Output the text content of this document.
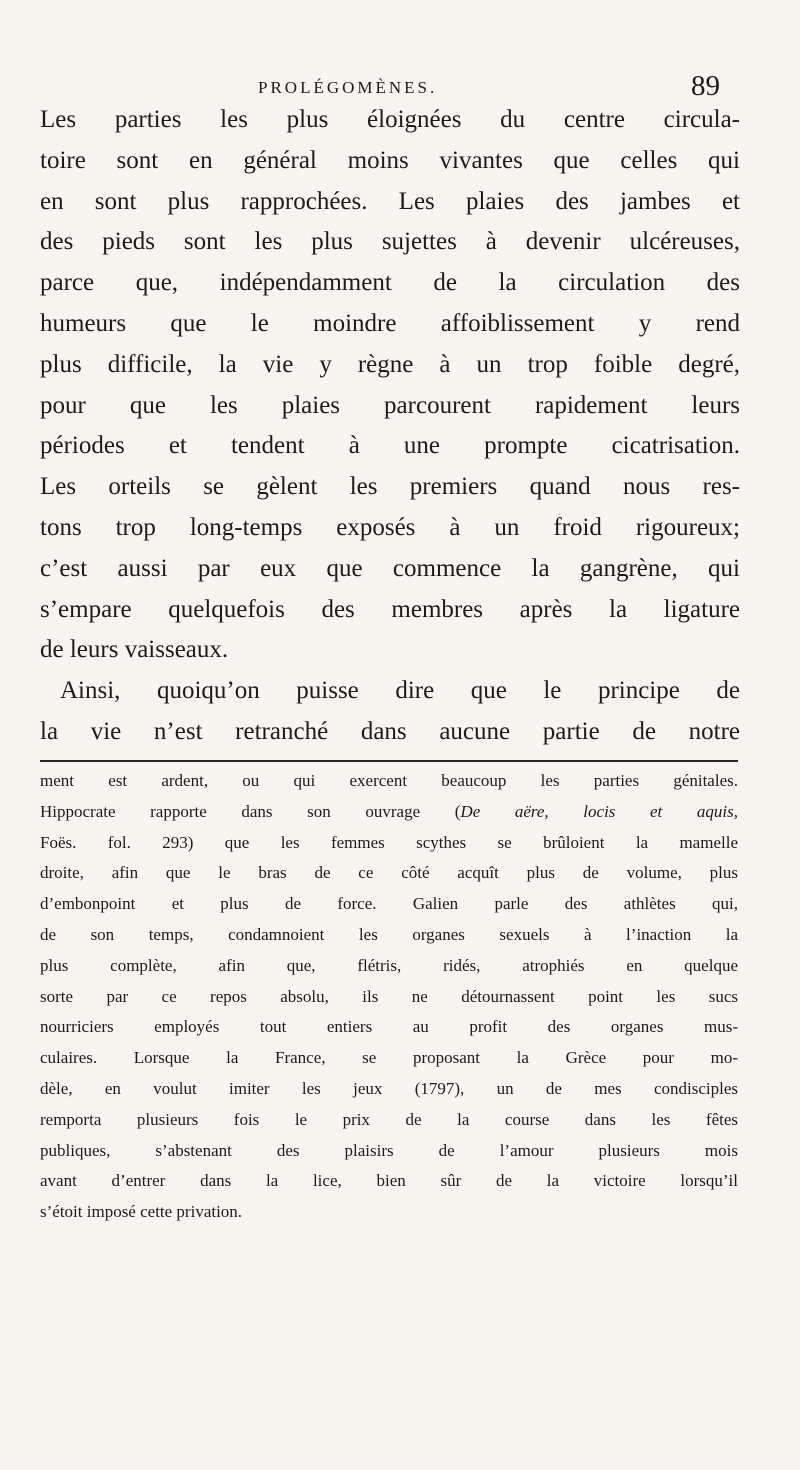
PROLÉGOMÈNES.	89
Les parties les plus éloignées du centre circula-
toire sont en général moins vivantes que celles qui
en sont plus rapprochées. Les plaies des jambes et
des pieds sont les plus sujettes à devenir ulcéreuses,
parce que, indépendamment de la circulation des
humeurs que le moindre affoiblissement y rend
plus difficile, la vie y règne à un trop foible degré,
pour que les plaies parcourent rapidement leurs
périodes et tendent à une prompte cicatrisation.
Les orteils se gèlent les premiers quand nous res-
tons trop long-temps exposés à un froid rigoureux;
c’est aussi par eux que commence la gangrène, qui
s’empare quelquefois des membres après la ligature
de leurs vaisseaux.
Ainsi, quoiqu’on puisse dire que le principe de
la vie n’est retranché dans aucune partie de notre
ment est ardent, ou qui exercent beaucoup les parties génitales.
Hippocrate rapporte dans son ouvrage (De aëre, locis et aquis,
Foës. fol. 293) que les femmes scythes se brûloient la mamelle
droite, afin que le bras de ce côté acquît plus de volume, plus
d’embonpoint et plus de force. Galien parle des athlètes qui,
de son temps, condamnoient les organes sexuels à l’inaction la
plus complète, afin que, flétris, ridés, atrophiés en quelque
sorte par ce repos absolu, ils ne détournassent point les sucs
nourriciers employés tout entiers au profit des organes mus-
culaires. Lorsque la France, se proposant la Grèce pour mo-
dèle, en voulut imiter les jeux (1797), un de mes condisciples
remporta plusieurs fois le prix de la course dans les fêtes
publiques, s’abstenant des plaisirs de l’amour plusieurs mois
avant d’entrer dans la lice, bien sûr de la victoire lorsqu’il
s’étoit imposé cette privation.
